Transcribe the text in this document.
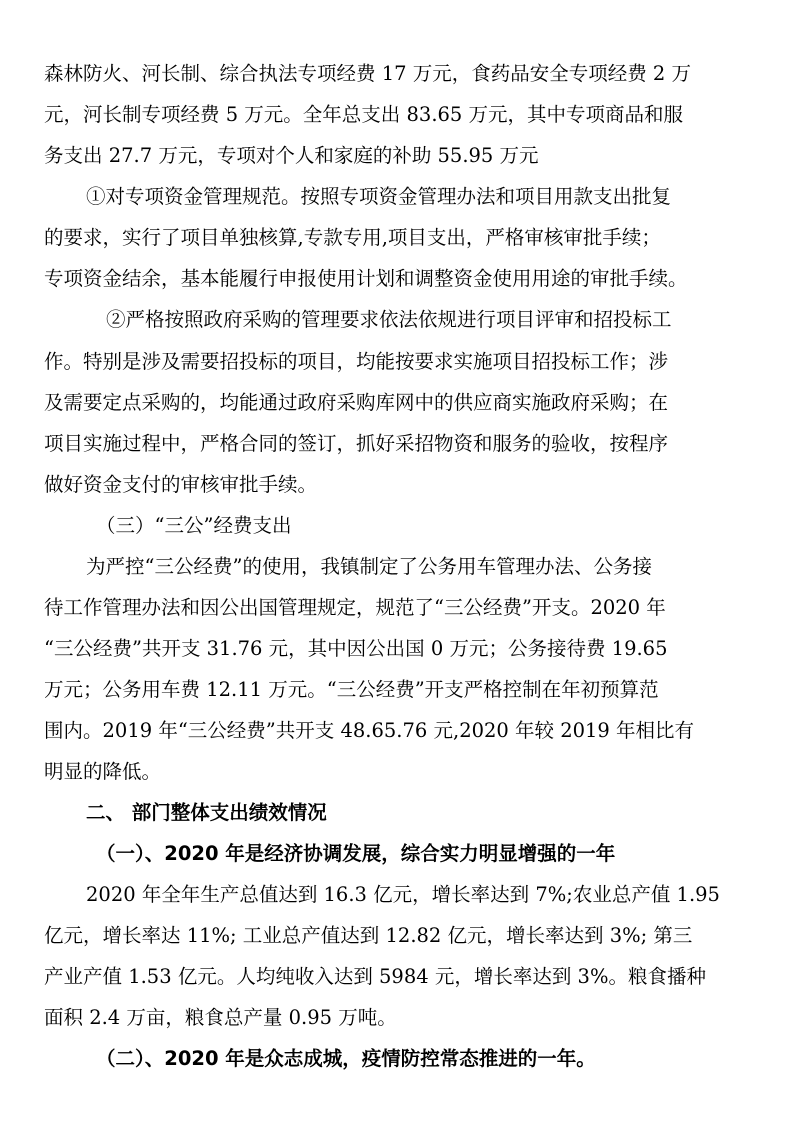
森林防火、河长制、综合执法专项经费 17 万元，食药品安全专项经费 2 万
元，河长制专项经费 5 万元。全年总支出 83.65 万元，其中专项商品和服
务支出 27.7 万元，专项对个人和家庭的补助 55.95 万元
①对专项资金管理规范。按照专项资金管理办法和项目用款支出批复
的要求，实行了项目单独核算,专款专用,项目支出，严格审核审批手续；
专项资金结余，基本能履行申报使用计划和调整资金使用用途的审批手续。
②严格按照政府采购的管理要求依法依规进行项目评审和招投标工
作。特别是涉及需要招投标的项目，均能按要求实施项目招投标工作；涉
及需要定点采购的，均能通过政府采购库网中的供应商实施政府采购；在
项目实施过程中，严格合同的签订，抓好采招物资和服务的验收，按程序
做好资金支付的审核审批手续。
（三）“三公”经费支出
为严控“三公经费”的使用，我镇制定了公务用车管理办法、公务接
待工作管理办法和因公出国管理规定，规范了“三公经费”开支。2020 年
“三公经费”共开支 31.76 元，其中因公出国 0 万元；公务接待费 19.65
万元；公务用车费 12.11 万元。“三公经费”开支严格控制在年初预算范
围内。2019 年“三公经费”共开支 48.65.76 元,2020 年较 2019 年相比有
明显的降低。
二、 部门整体支出绩效情况
（一）、2020 年是经济协调发展，综合实力明显增强的一年
2020 年全年生产总值达到 16.3 亿元，增长率达到 7%;农业总产值 1.95
亿元，增长率达 11%; 工业总产值达到 12.82 亿元，增长率达到 3%; 第三
产业产值 1.53 亿元。人均纯收入达到 5984 元，增长率达到 3%。粮食播种
面积 2.4 万亩，粮食总产量 0.95 万吨。
（二）、2020 年是众志成城，疫情防控常态推进的一年。
